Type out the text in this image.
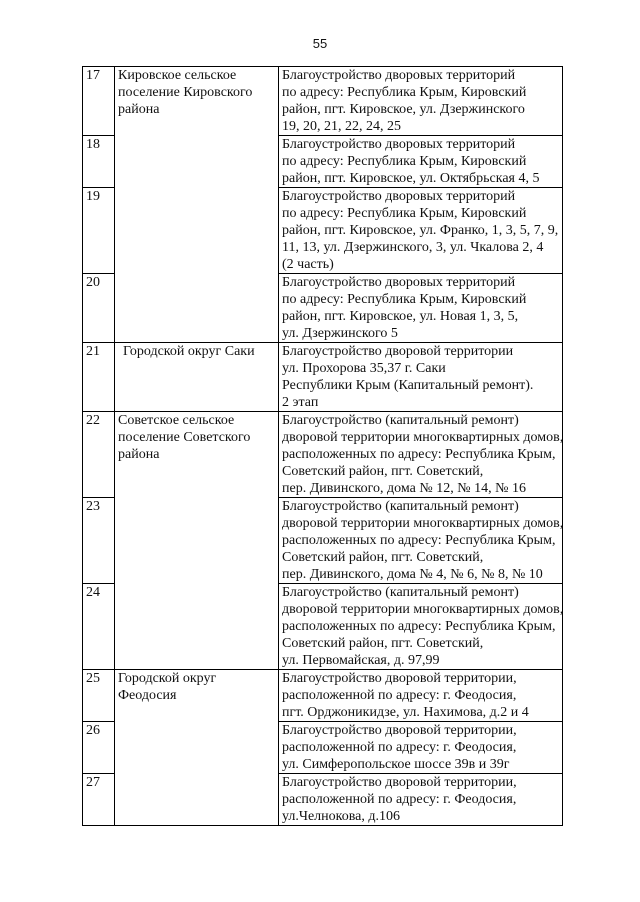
55
17	Кировское сельское
поселение Кировского
района	Благоустройство дворовых территорий
по адресу: Республика Крым, Кировский
район, пгт. Кировское, ул. Дзержинского
19, 20, 21, 22, 24, 25

18		Благоустройство дворовых территорий
по адресу: Республика Крым, Кировский
район, пгт. Кировское, ул. Октябрьская 4, 5

19		Благоустройство дворовых территорий
по адресу: Республика Крым, Кировский
район, пгт. Кировское, ул. Франко, 1, 3, 5, 7, 9,
11, 13, ул. Дзержинского, 3, ул. Чкалова 2, 4
(2 часть)

20		Благоустройство дворовых территорий
по адресу: Республика Крым, Кировский
район, пгт. Кировское, ул. Новая 1, 3, 5,
ул. Дзержинского 5

21	Городской округ Саки	Благоустройство дворовой территории
ул. Прохорова 35,37 г. Саки
Республики Крым (Капитальный ремонт).
2 этап

22	Советское сельское
поселение Советского
района	Благоустройство (капитальный ремонт)
дворовой территории многоквартирных домов,
расположенных по адресу: Республика Крым,
Советский район, пгт. Советский,
пер. Дивинского, дома № 12, № 14, № 16

23		Благоустройство (капитальный ремонт)
дворовой территории многоквартирных домов,
расположенных по адресу: Республика Крым,
Советский район, пгт. Советский,
пер. Дивинского, дома № 4, № 6, № 8, № 10

24		Благоустройство (капитальный ремонт)
дворовой территории многоквартирных домов,
расположенных по адресу: Республика Крым,
Советский район, пгт. Советский,
ул. Первомайская, д. 97,99

25	Городской округ
Феодосия	Благоустройство дворовой территории,
расположенной по адресу: г. Феодосия,
пгт. Орджоникидзе, ул. Нахимова, д.2 и 4

26		Благоустройство дворовой территории,
расположенной по адресу: г. Феодосия,
ул. Симферопольское шоссе 39в и 39г

27		Благоустройство дворовой территории,
расположенной по адресу: г. Феодосия,
ул.Челнокова, д.106
